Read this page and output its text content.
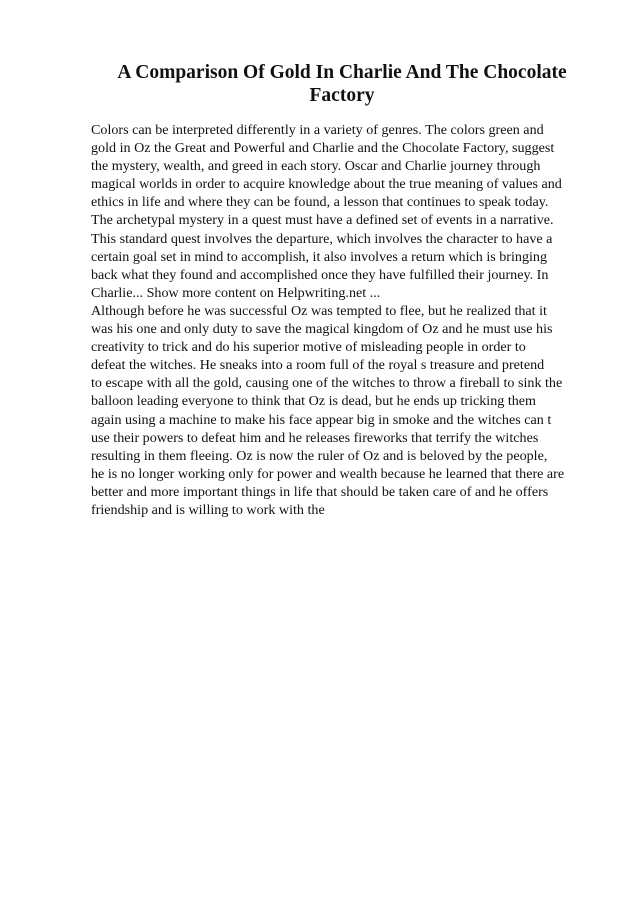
A Comparison Of Gold In Charlie And The Chocolate
Factory
Colors can be interpreted differently in a variety of genres. The colors green and
gold in Oz the Great and Powerful and Charlie and the Chocolate Factory, suggest
the mystery, wealth, and greed in each story. Oscar and Charlie journey through
magical worlds in order to acquire knowledge about the true meaning of values and
ethics in life and where they can be found, a lesson that continues to speak today.
The archetypal mystery in a quest must have a defined set of events in a narrative.
This standard quest involves the departure, which involves the character to have a
certain goal set in mind to accomplish, it also involves a return which is bringing
back what they found and accomplished once they have fulfilled their journey. In
Charlie... Show more content on Helpwriting.net ...
Although before he was successful Oz was tempted to flee, but he realized that it
was his one and only duty to save the magical kingdom of Oz and he must use his
creativity to trick and do his superior motive of misleading people in order to
defeat the witches. He sneaks into a room full of the royal s treasure and pretend
to escape with all the gold, causing one of the witches to throw a fireball to sink the
balloon leading everyone to think that Oz is dead, but he ends up tricking them
again using a machine to make his face appear big in smoke and the witches can t
use their powers to defeat him and he releases fireworks that terrify the witches
resulting in them fleeing. Oz is now the ruler of Oz and is beloved by the people,
he is no longer working only for power and wealth because he learned that there are
better and more important things in life that should be taken care of and he offers
friendship and is willing to work with the
